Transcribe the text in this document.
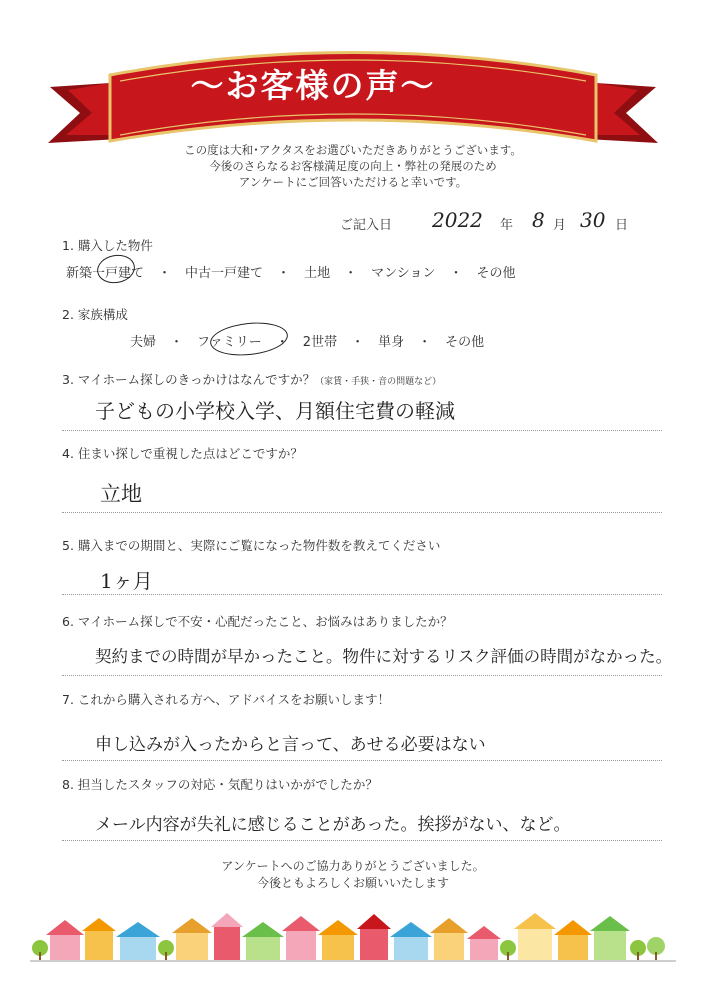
～お客様の声～
この度は大和･アクタスをお選びいただきありがとうございます。
今後のさらなるお客様満足度の向上・弊社の発展のため
アンケートにご回答いただけると幸いです。
ご記入日 2022 年 8 月 30 日
1. 購入した物件
新築一戸建て ・ 中古一戸建て ・ 土地 ・ マンション ・ その他
2. 家族構成
夫婦 ・ ファミリー ・ 2世帯 ・ 単身 ・ その他
3. マイホーム探しのきっかけはなんですか？（家賃・手狭・音の問題など）
子どもの小学校入学、月額住宅費の軽減
4. 住まい探しで重視した点はどこですか？
立地
5. 購入までの期間と、実際にご覧になった物件数を教えてください
1ヶ月
6. マイホーム探しで不安・心配だったこと、お悩みはありましたか？
契約までの時間が早かったこと。物件に対するリスク評価の時間がなかった。
7. これから購入される方へ、アドバイスをお願いします！
申し込みが入ったからと言って、あせる必要はない
8. 担当したスタッフの対応・気配りはいかがでしたか？
メール内容が失礼に感じることがあった。挨拶がない、など。
アンケートへのご協力ありがとうございました。
今後ともよろしくお願いいたします
